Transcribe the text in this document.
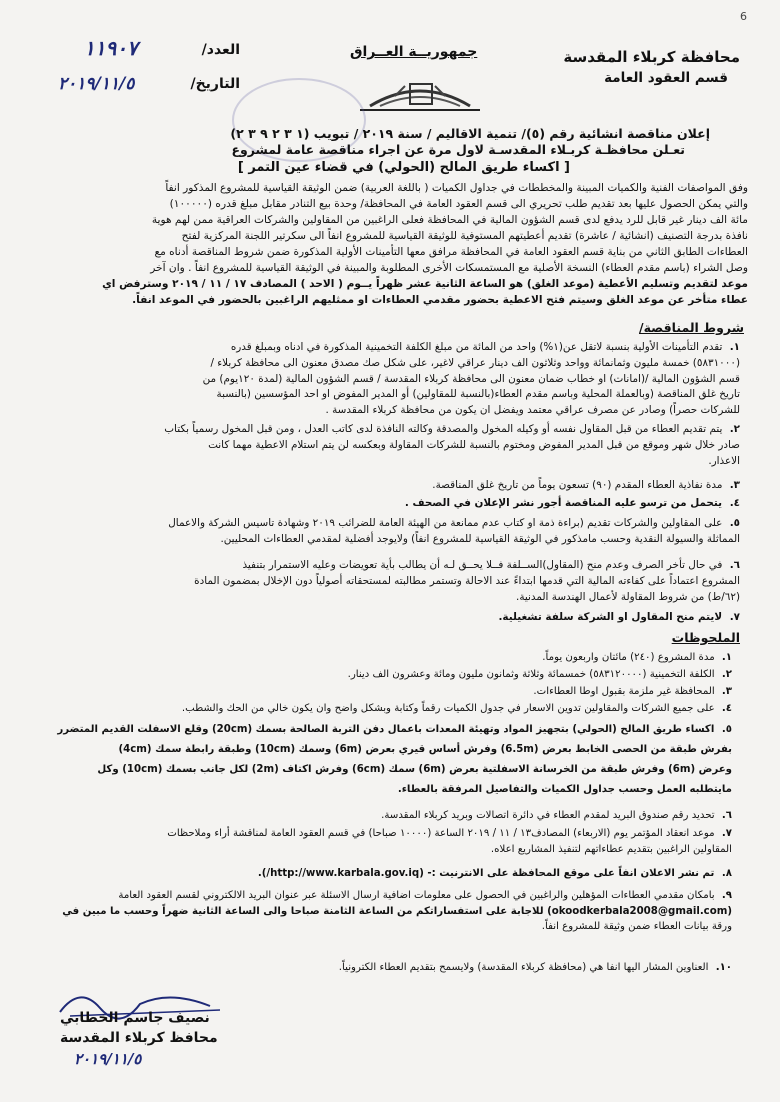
6
محافظة كربلاء المقدسة
قسم العقود العامة
جمهوريــة العــراق
العدد/
١١٩٠٧
التاريخ/
٢٠١٩/١١/٥
إعلان مناقصة انشائية رقم (٥)/ تنمية الاقاليم / سنة ٢٠١٩ / تبويب (١ ٣ ٢ ٩ ٣ ٢)
تعـلن محافظـة كربـلاء المقدسـة لاول مرة عن اجراء مناقصة عامة لمشروع
[ اكساء طريق المالح (الحولي) في قضاء عين التمر ]
وفق المواصفات الفنية والكميات المبينة والمخططات في جداول الكميات ( باللغة العربية) ضمن الوثيقة القياسية للمشروع المذكور انفاً
والتي يمكن الحصول عليها بعد تقديم طلب تحريري الى قسم العقود العامة في المحافظة/ وحدة بيع التنادر مقابل مبلغ قدره (١٠٠٠٠٠)
مائة الف دينار غير قابل للرد يدفع لدى قسم الشؤون المالية في المحافظة فعلى الراغبين من المقاولين والشركات العراقية ممن لهم هوية
نافذة بدرجة التصنيف (انشائية / عاشرة) تقديم أعطيتهم المستوفية للوثيقة القياسية للمشروع انفاً الى سكرتير اللجنة المركزية لفتح
العطاءات الطابق الثاني من بناية قسم العقود العامة في المحافظة مرافق معها التأمينات الأولية المذكورة ضمن شروط المناقصة أدناه مع
وصل الشراء (باسم مقدم العطاء) النسخة الأصلية مع المستمسكات الأخرى المطلوبة والمبينة في الوثيقة القياسية للمشروع انفاً . وان آخر
موعد لتقديم وتسليم الأعطية (موعد الغلق) هو الساعة الثانية عشر ظهراً يــوم ( الاحد ) المصادف ١٧ / ١١ / ٢٠١٩ وسترفض اي
عطاء متأخر عن موعد الغلق وسيتم فتح الاعطية بحضور مقدمي العطاءات او ممثليهم الراغبين بالحضور في الموعد انفاً.
شروط المناقصة/
١. تقدم التأمينات الأولية بنسبة لاتقل عن(١%) واحد من المائة من مبلغ الكلفة التخمينية المذكورة في ادناه وبمبلغ قدره
(٥٨٣١٠٠٠) خمسة مليون وثمانمائة وواحد وثلاثون الف دينار عراقي لاغير، على شكل صك مصدق معنون الى محافظة كربلاء /
قسم الشؤون المالية /(امانات) او خطاب ضمان معنون الى محافظة كربلاء المقدسة / قسم الشؤون المالية (لمدة ١٢٠يوم) من
تاريخ غلق المناقصة (وبالعملة المحلية وباسم مقدم العطاء(بالنسبة للمقاولين) أو المدير المفوض او احد المؤسسين (بالنسبة
للشركات حصراً) وصادر عن مصرف عراقي معتمد ويفضل ان يكون من محافظة كربلاء المقدسة .
٢. يتم تقديم العطاء من قبل المقاول نفسه أو وكيله المخول والمصدقة وكالته النافذة لدى كاتب العدل ، ومن قبل المخول رسمياً بكتاب
صادر خلال شهر وموقع من قبل المدير المفوض ومختوم بالنسبة للشركات المقاولة وبعكسه لن يتم استلام الاعطية مهما كانت
الاعذار.
٣. مدة نفاذية العطاء المقدم (٩٠) تسعون يوماً من تاريخ غلق المناقصة.
٤. يتحمل من ترسو عليه المناقصة أجور نشر الإعلان في الصحف .
٥. على المقاولين والشركات تقديم (براءة ذمة او كتاب عدم ممانعة من الهيئة العامة للضرائب ٢٠١٩ وشهادة تاسيس الشركة والاعمال
المماثلة والسيولة النقدية وحسب مامذكور في الوثيقة القياسية للمشروع انفاً) ولايوجد أفضلية لمقدمي العطاءات المحليين.
٦. في حال تأخر الصرف وعدم منح (المقاول)الســلفة فــلا يحــق لـه أن يطالب بأية تعويضات وعليه الاستمرار بتنفيذ
المشروع اعتماداً على كفاءته المالية التي قدمها ابتداءً عند الاحالة وتستمر مطالبته لمستحقاته أصولياً دون الإخلال بمضمون المادة
(٦٢/ط) من شروط المقاولة لأعمال الهندسة المدنية.
٧. لايتم منح المقاول او الشركة سلفة تشغيلية.
الملحوظات
١. مدة المشروع (٢٤٠) مائتان واربعون يوماً.
٢. الكلفة التخمينية (٥٨٣١٢٠٠٠٠) خمسمائة وثلاثة وثمانون مليون ومائة وعشرون الف دينار.
٣. المحافظة غير ملزمة بقبول اوطا العطاءات.
٤. على جميع الشركات والمقاولين تدوين الاسعار في جدول الكميات رقماً وكتابة وبشكل واضح وان يكون خالي من الحك والشطب.
٥. اكساء طريق المالح (الحولي) بتجهيز المواد وتهيئة المعدات باعمال دفن التربة الصالحة بسمك (20cm) وقلع الاسفلت القديم المتضرر
بفرش طبقة من الحصى الخابط بعرض (6.5m) وفرش أساس قيري بعرض (6m) وسمك (10cm) وطبقة رابطة سمك (4cm)
وعرض (6m) وفرش طبقة من الخرسانة الاسفلتية بعرض (6m) سمك (6cm) وفرش اكتاف (2m) لكل جانب بسمك (10cm) وكل
مايتطلبه العمل وحسب جداول الكميات والتفاصيل المرفقة بالعطاء.
٦. تحديد رقم صندوق البريد لمقدم العطاء في دائرة اتصالات وبريد كربلاء المقدسة.
٧. موعد انعقاد المؤتمر يوم (الاربعاء) المصادف١٣ / ١١ / ٢٠١٩ الساعة (١٠٠٠٠ صباحا) في قسم العقود العامة لمناقشة أراء وملاحظات
المقاولين الراغبين بتقديم عطاءاتهم لتنفيذ المشاريع اعلاه.
٨. تم نشر الاعلان انفاً على موقع المحافظة على الانترنيت :- (http://www.karbala.gov.iq/).
٩. بامكان مقدمي العطاءات المؤهلين والراغبين في الحصول على معلومات اضافية ارسال الاسئلة عبر عنوان البريد الالكتروني لقسم العقود العامة
(okoodkerbala2008@gmail.com) للاجابة على استفساراتكم من الساعة الثامنة صباحا والى الساعة الثانية ضهراً وحسب ما مبين في
ورقة بيانات العطاء ضمن وثيقة للمشروع انفاً.
١٠. العناوين المشار اليها انفا هي (محافظة كربلاء المقدسة) ولايسمح بتقديم العطاء الكترونياً.
نصيف جاسم الخطابي
محافظ كربلاء المقدسة
٢٠١٩/١١/٥
